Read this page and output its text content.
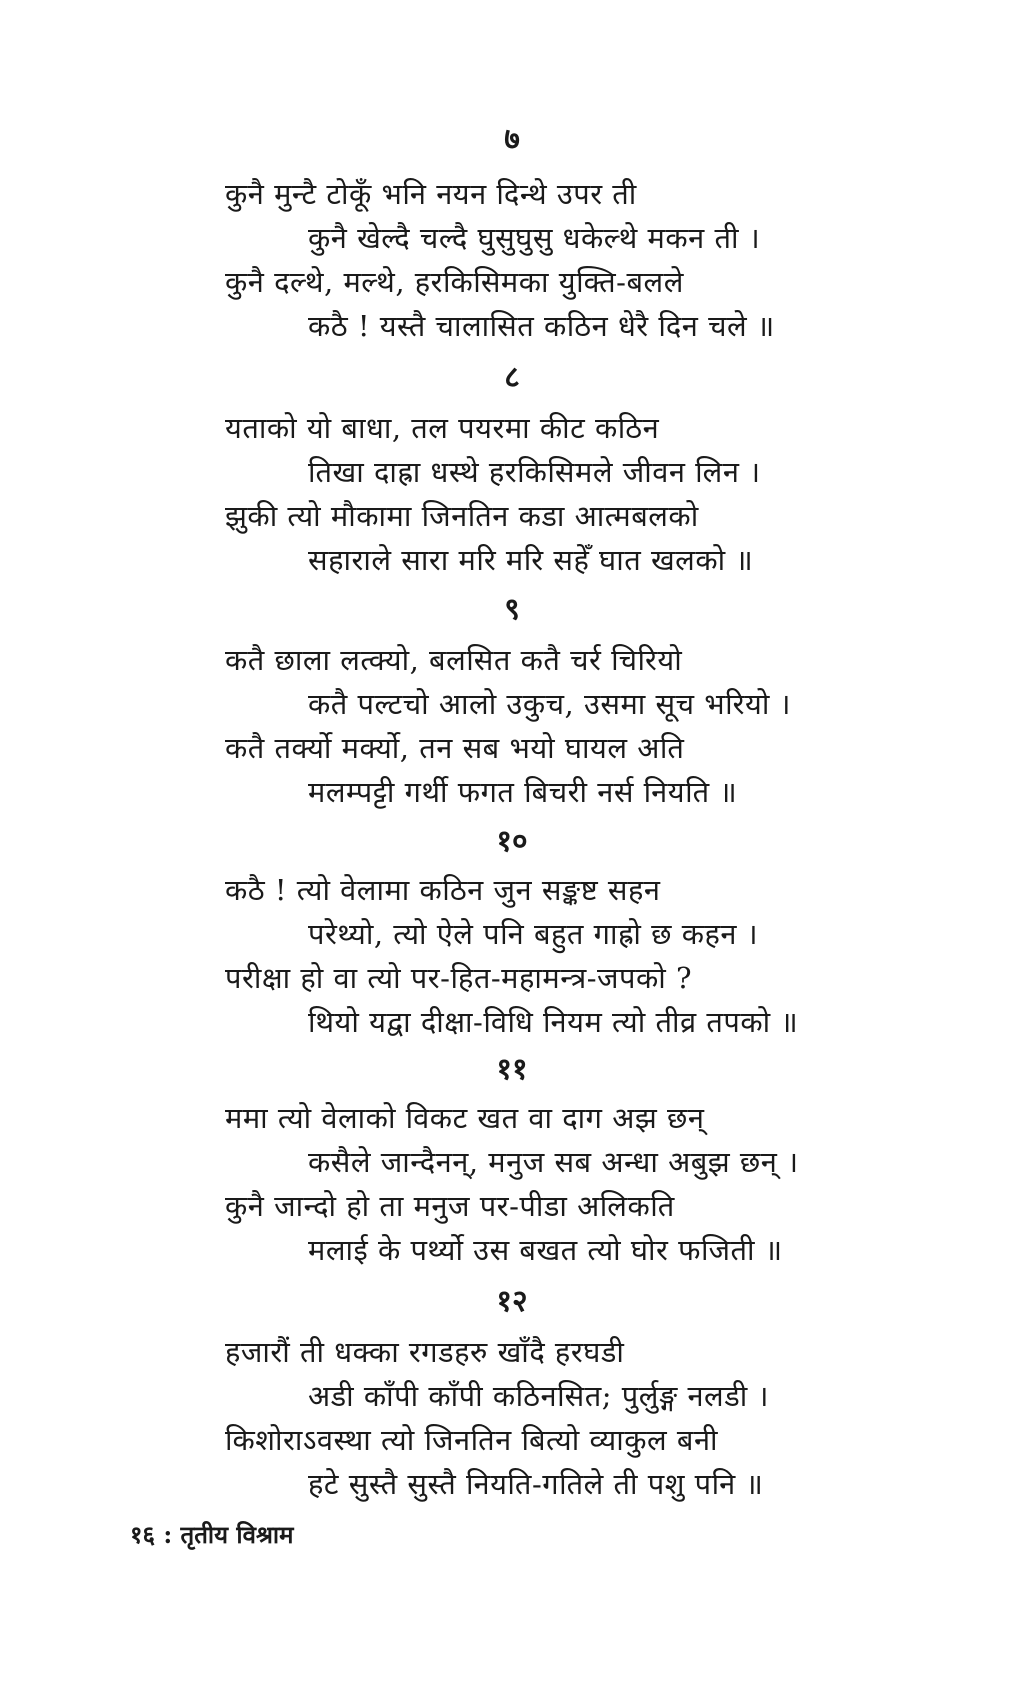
७
कुनै मुन्टै टोकूँ भनि नयन दिन्थे उपर ती
कुनै खेल्दै चल्दै घुसुघुसु धकेल्थे मकन ती ।
कुनै दल्थे, मल्थे, हरकिसिमका युक्ति-बलले
कठै ! यस्तै चालासित कठिन धेरै दिन चले ॥
८
यताको यो बाधा, तल पयरमा कीट कठिन
तिखा दाह्रा धस्थे हरकिसिमले जीवन लिन ।
झुकी त्यो मौकामा जिनतिन कडा आत्मबलको
सहाराले सारा मरि मरि सहेँ घात खलको ॥
९
कतै छाला लत्क्यो, बलसित कतै चर्र चिरियो
कतै पल्टचो आलो उकुच, उसमा सूच भरियो ।
कतै तर्क्यो मर्क्यो, तन सब भयो घायल अति
मलम्पट्टी गर्थी फगत बिचरी नर्स नियति ॥
१०
कठै ! त्यो वेलामा कठिन जुन सङ्कष्ट सहन
परेथ्यो, त्यो ऐले पनि बहुत गाह्रो छ कहन ।
परीक्षा हो वा त्यो पर-हित-महामन्त्र-जपको ?
थियो यद्वा दीक्षा-विधि नियम त्यो तीव्र तपको ॥
११
ममा त्यो वेलाको विकट खत वा दाग अझ छन्
कसैले जान्दैनन्, मनुज सब अन्धा अबुझ छन् ।
कुनै जान्दो हो ता मनुज पर-पीडा अलिकति
मलाई के पर्थ्यो उस बखत त्यो घोर फजिती ॥
१२
हजारौं ती धक्का रगडहरु खाँदै हरघडी
अडी काँपी काँपी कठिनसित; पुर्लुङ्ग नलडी ।
किशोराऽवस्था त्यो जिनतिन बित्यो व्याकुल बनी
हटे सुस्तै सुस्तै नियति-गतिले ती पशु पनि ॥
१६ : तृतीय विश्राम
